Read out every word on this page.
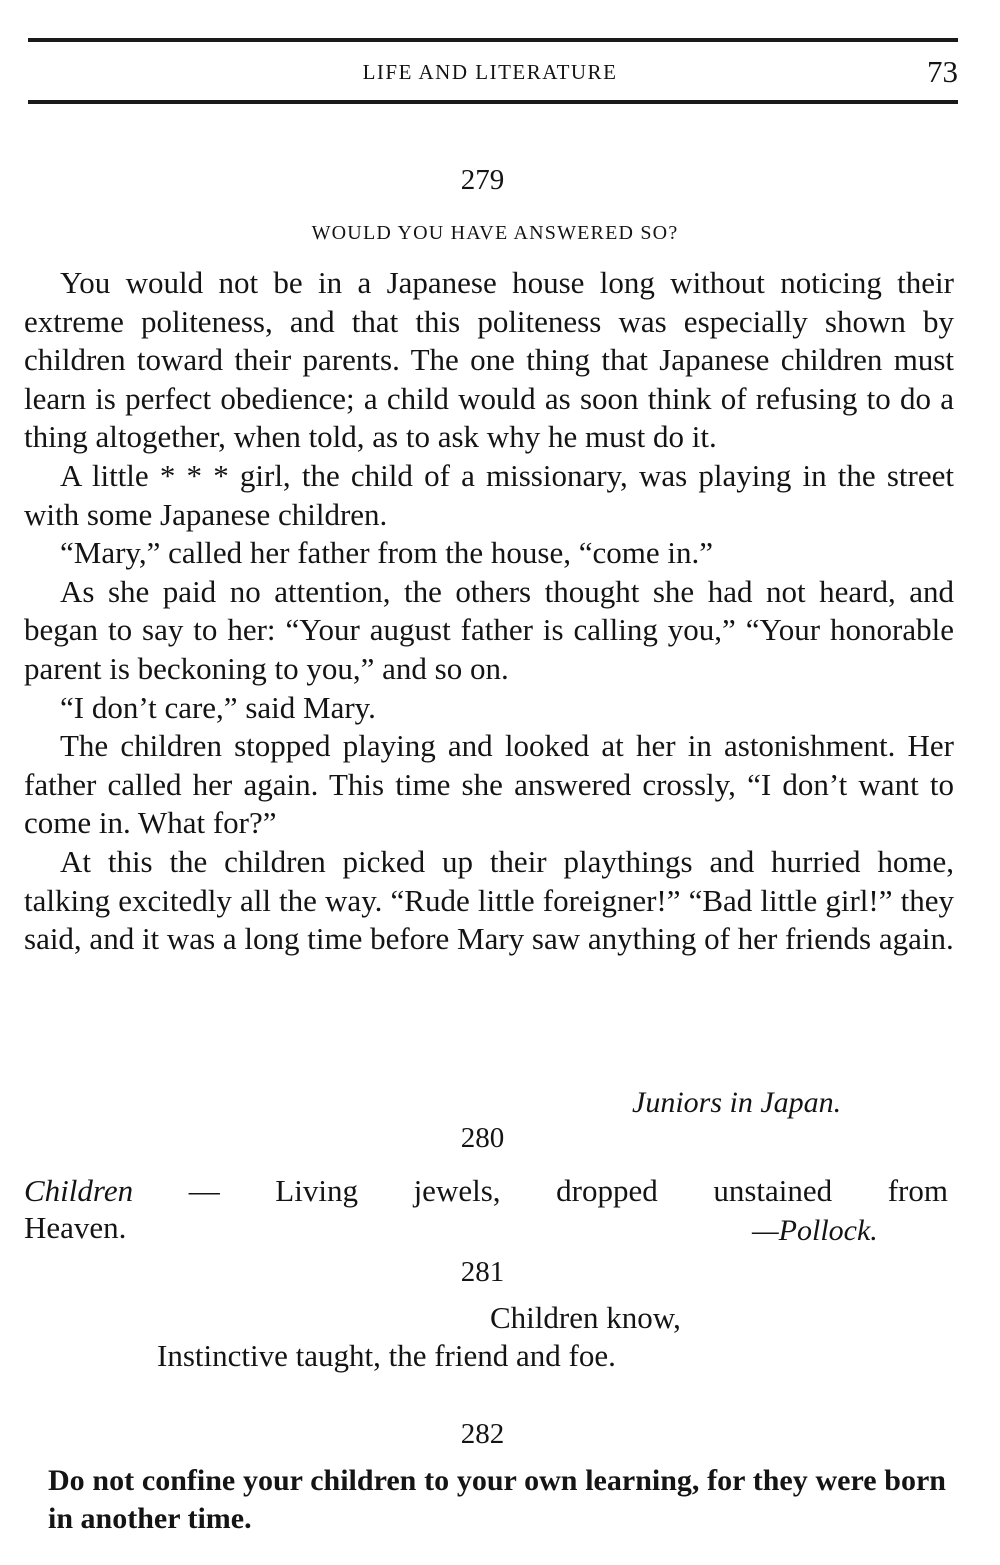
LIFE AND LITERATURE	73
279
WOULD YOU HAVE ANSWERED SO?

You would not be in a Japanese house long without noticing their extreme politeness, and that this politeness was especially shown by children toward their parents. The one thing that Japanese children must learn is perfect obedience; a child would as soon think of refusing to do a thing altogether, when told, as to ask why he must do it.

A little * * * girl, the child of a missionary, was playing in the street with some Japanese children.

“Mary,” called her father from the house, “come in.”

As she paid no attention, the others thought she had not heard, and began to say to her: “Your august father is calling you,” “Your honorable parent is beckoning to you,” and so on.

“I don’t care,” said Mary.

The children stopped playing and looked at her in astonishment. Her father called her again. This time she answered crossly, “I don’t want to come in. What for?”

At this the children picked up their playthings and hurried home, talking excitedly all the way. “Rude little foreigner!” “Bad little girl!” they said, and it was a long time before Mary saw anything of her friends again.

Juniors in Japan.
280
Children — Living jewels, dropped unstained from
Heaven.	—Pollock.
281
Children know,
Instinctive taught, the friend and foe.
282
Do not confine your children to your own learning, for they were born in another time.
